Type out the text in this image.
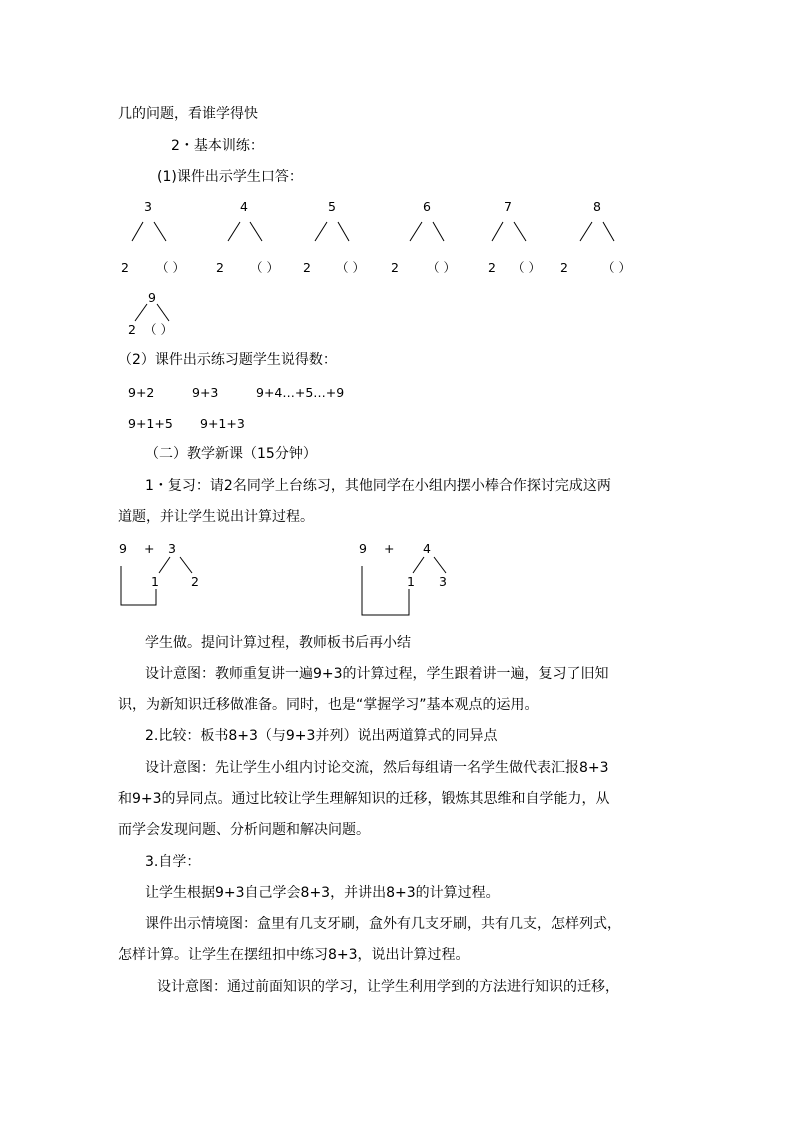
几的问题，看谁学得快
2・基本训练：
(1)课件出示学生口答：
3	4	5	6	7	8
2 （ ） 2 （ ） 2 （ ） 2 （ ）	2 （ ） 2	（ ）
9
2 （ ）
（2）课件出示练习题学生说得数：
9+2	9+3	9+4…+5…+9
9+1+5 9+1+3
（二）教学新课（15分钟）
1・复习：请2名同学上台练习，其他同学在小组内摆小棒合作探讨完成这两
道题，并让学生说出计算过程。
9 + 3
1	2
9 + 4
1 3
学生做。提问计算过程，教师板书后再小结
设计意图：教师重复讲一遍9+3的计算过程，学生跟着讲一遍，复习了旧知
识，为新知识迁移做准备。同时，也是“掌握学习”基本观点的运用。
2.比较：板书8+3（与9+3并列）说出两道算式的同异点
设计意图：先让学生小组内讨论交流，然后每组请一名学生做代表汇报8+3
和9+3的异同点。通过比较让学生理解知识的迁移，锻炼其思维和自学能力，从
而学会发现问题、分析问题和解决问题。
3.自学：
让学生根据9+3自己学会8+3，并讲出8+3的计算过程。
课件出示情境图：盒里有几支牙刷，盒外有几支牙刷，共有几支，怎样列式，
怎样计算。让学生在摆纽扣中练习8+3，说出计算过程。
设计意图：通过前面知识的学习，让学生利用学到的方法进行知识的迁移，
